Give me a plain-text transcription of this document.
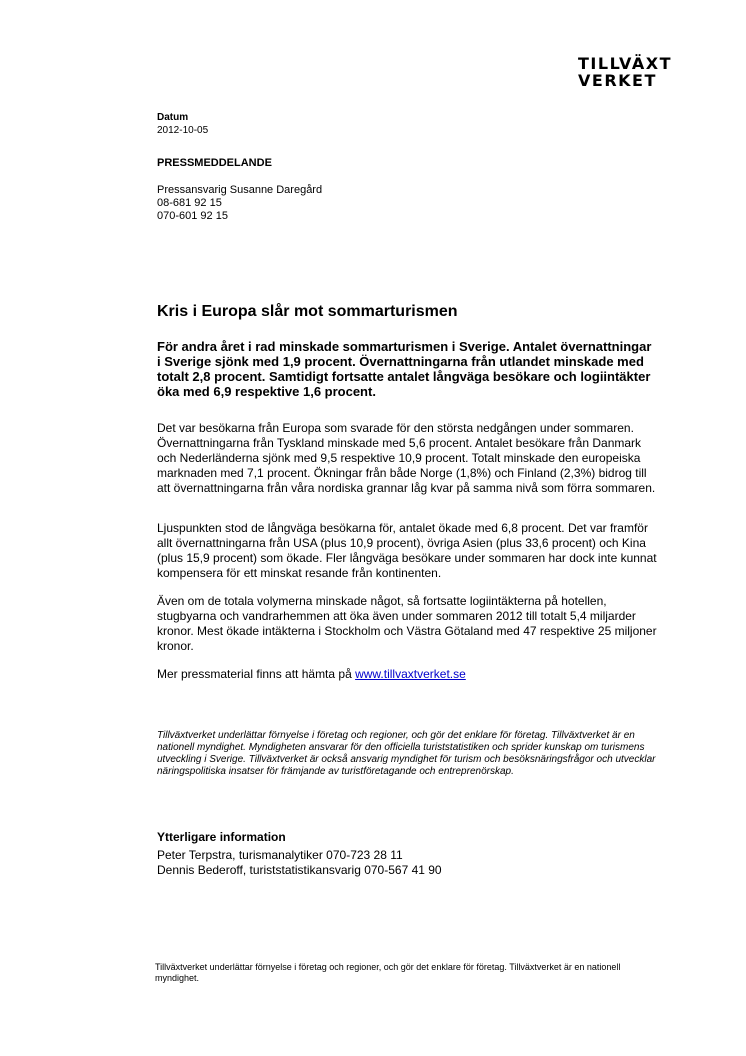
TILLVÄXT
VERKET
Datum
2012-10-05
PRESSMEDDELANDE
Pressansvarig Susanne Daregård
08-681 92 15
070-601 92 15
Kris i Europa slår mot sommarturismen

För andra året i rad minskade sommarturismen i Sverige. Antalet övernattningar i Sverige sjönk med 1,9 procent. Övernattningarna från utlandet minskade med totalt 2,8 procent. Samtidigt fortsatte antalet långväga besökare och logiintäkter öka med 6,9 respektive 1,6 procent.

Det var besökarna från Europa som svarade för den största nedgången under sommaren. Övernattningarna från Tyskland minskade med 5,6 procent. Antalet besökare från Danmark och Nederländerna sjönk med 9,5 respektive 10,9 procent. Totalt minskade den europeiska marknaden med 7,1 procent. Ökningar från både Norge (1,8%) och Finland (2,3%) bidrog till att övernattningarna från våra nordiska grannar låg kvar på samma nivå som förra sommaren.

Ljuspunkten stod de långväga besökarna för, antalet ökade med 6,8 procent. Det var framför allt övernattningarna från USA (plus 10,9 procent), övriga Asien (plus 33,6 procent) och Kina (plus 15,9 procent) som ökade. Fler långväga besökare under sommaren har dock inte kunnat kompensera för ett minskat resande från kontinenten.

Även om de totala volymerna minskade något, så fortsatte logiintäkterna på hotellen, stugbyarna och vandrarhemmen att öka även under sommaren 2012 till totalt 5,4 miljarder kronor. Mest ökade intäkterna i Stockholm och Västra Götaland med 47 respektive 25 miljoner kronor.

Mer pressmaterial finns att hämta på www.tillvaxtverket.se

Tillväxtverket underlättar förnyelse i företag och regioner, och gör det enklare för företag. Tillväxtverket är en nationell myndighet. Myndigheten ansvarar för den officiella turiststatistiken och sprider kunskap om turismens utveckling i Sverige. Tillväxtverket är också ansvarig myndighet för turism och besöksnäringsfrågor och utvecklar näringspolitiska insatser för främjande av turistföretagande och entreprenörskap.

Ytterligare information
Peter Terpstra, turismanalytiker 070-723 28 11
Dennis Bederoff, turiststatistikansvarig 070-567 41 90

Tillväxtverket underlättar förnyelse i företag och regioner, och gör det enklare för företag. Tillväxtverket är en nationell myndighet.
